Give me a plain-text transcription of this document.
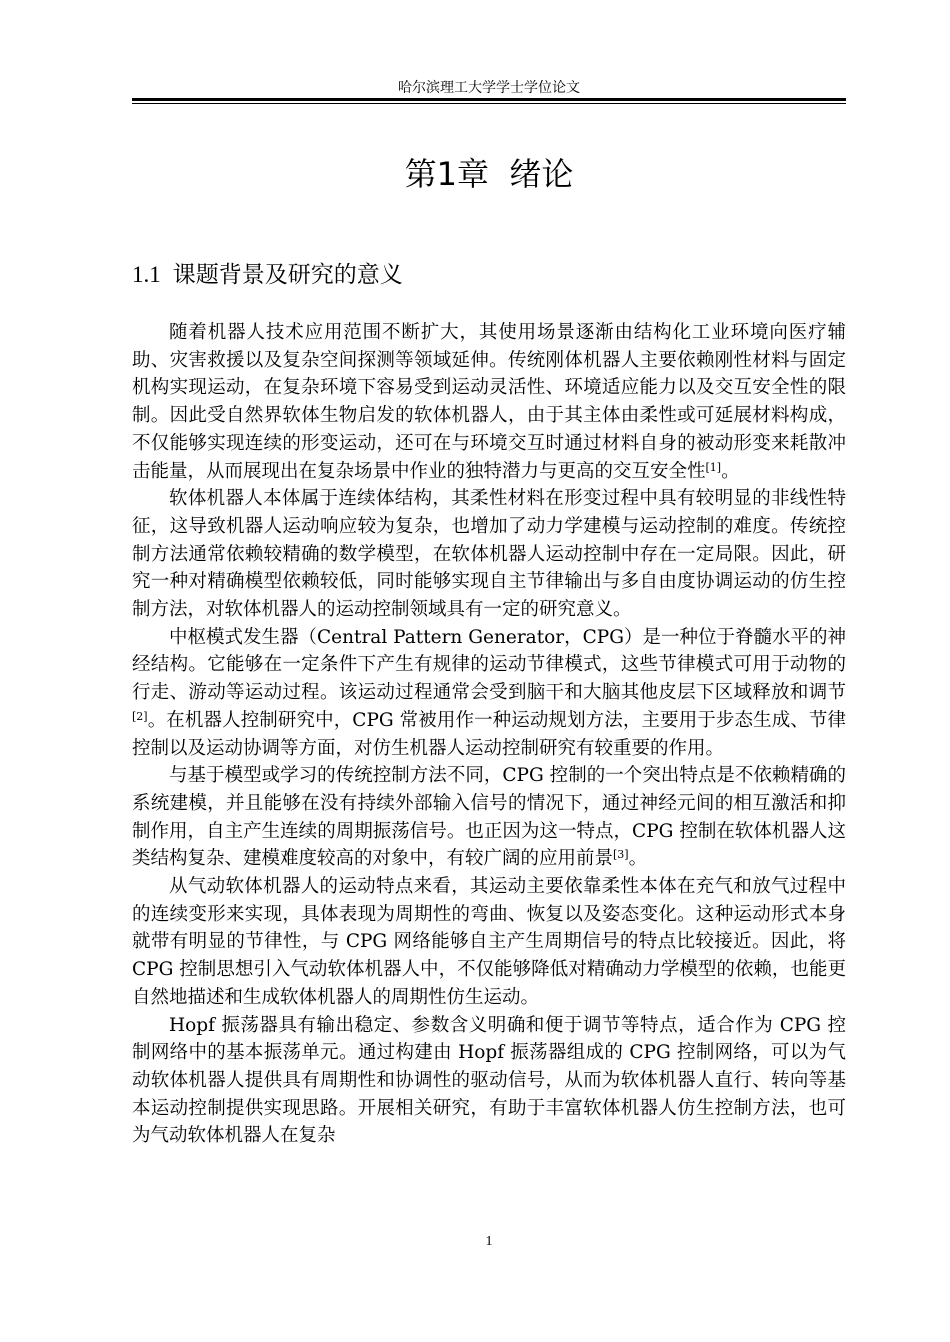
哈尔滨理工大学学士学位论文
第1章 绪论
1.1 课题背景及研究的意义

随着机器人技术应用范围不断扩大，其使用场景逐渐由结构化工业环境向医疗辅助、灾害救援以及复杂空间探测等领域延伸。传统刚体机器人主要依赖刚性材料与固定机构实现运动，在复杂环境下容易受到运动灵活性、环境适应能力以及交互安全性的限制。因此受自然界软体生物启发的软体机器人，由于其主体由柔性或可延展材料构成，不仅能够实现连续的形变运动，还可在与环境交互时通过材料自身的被动形变来耗散冲击能量，从而展现出在复杂场景中作业的独特潜力与更高的交互安全性[1]。

软体机器人本体属于连续体结构，其柔性材料在形变过程中具有较明显的非线性特征，这导致机器人运动响应较为复杂，也增加了动力学建模与运动控制的难度。传统控制方法通常依赖较精确的数学模型，在软体机器人运动控制中存在一定局限。因此，研究一种对精确模型依赖较低，同时能够实现自主节律输出与多自由度协调运动的仿生控制方法，对软体机器人的运动控制领域具有一定的研究意义。

中枢模式发生器（Central Pattern Generator，CPG）是一种位于脊髓水平的神经结构。它能够在一定条件下产生有规律的运动节律模式，这些节律模式可用于动物的行走、游动等运动过程。该运动过程通常会受到脑干和大脑其他皮层下区域释放和调节[2]。在机器人控制研究中，CPG 常被用作一种运动规划方法，主要用于步态生成、节律控制以及运动协调等方面，对仿生机器人运动控制研究有较重要的作用。

与基于模型或学习的传统控制方法不同，CPG 控制的一个突出特点是不依赖精确的系统建模，并且能够在没有持续外部输入信号的情况下，通过神经元间的相互激活和抑制作用，自主产生连续的周期振荡信号。也正因为这一特点，CPG 控制在软体机器人这类结构复杂、建模难度较高的对象中，有较广阔的应用前景[3]。

从气动软体机器人的运动特点来看，其运动主要依靠柔性本体在充气和放气过程中的连续变形来实现，具体表现为周期性的弯曲、恢复以及姿态变化。这种运动形式本身就带有明显的节律性，与 CPG 网络能够自主产生周期信号的特点比较接近。因此，将 CPG 控制思想引入气动软体机器人中，不仅能够降低对精确动力学模型的依赖，也能更自然地描述和生成软体机器人的周期性仿生运动。

Hopf 振荡器具有输出稳定、参数含义明确和便于调节等特点，适合作为 CPG 控制网络中的基本振荡单元。通过构建由 Hopf 振荡器组成的 CPG 控制网络，可以为气动软体机器人提供具有周期性和协调性的驱动信号，从而为软体机器人直行、转向等基本运动控制提供实现思路。开展相关研究，有助于丰富软体机器人仿生控制方法，也可为气动软体机器人在复杂

1
